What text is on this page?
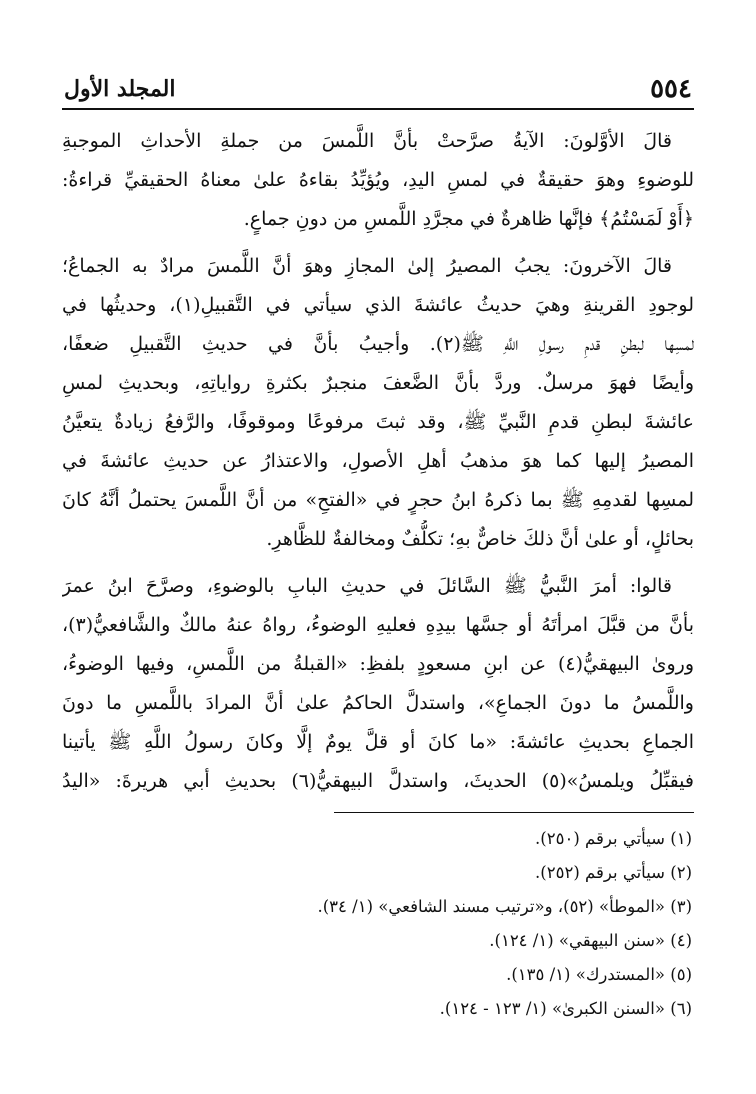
٥٥٤
المجلد الأول

قالَ الأوَّلونَ: الآيةُ صرَّحتْ بأنَّ اللَّمسَ من جملةِ الأحداثِ الموجبةِ
للوضوءِ وهوَ حقيقةٌ في لمسِ اليدِ، ويُؤيِّدُ بقاءهُ علىٰ معناهُ الحقيقيِّ قراءةُ:
﴿أَوْ لَمَسْتُمُ﴾ فإنَّها ظاهرةٌ في مجرَّدِ اللَّمسِ من دونِ جماعٍ.

قالَ الآخرونَ: يجبُ المصيرُ إلىٰ المجازِ وهوَ أنَّ اللَّمسَ مرادٌ به الجماعُ؛
لوجودِ القرينةِ وهيَ حديثُ عائشةَ الذي سيأتي في التَّقبيلِ(١)، وحديثُها في
لمسِها لبطنِ قدمِ رسولِ اللَّهِ ﷺ(٢). وأجيبُ بأنَّ في حديثِ التَّقبيلِ ضعفًا،
وأيضًا فهوَ مرسلٌ. وردَّ بأنَّ الضَّعفَ منجبرٌ بكثرةِ رواياتِهِ، وبحديثِ لمسِ
عائشةَ لبطنِ قدمِ النَّبيِّ ﷺ، وقد ثبتَ مرفوعًا وموقوفًا، والرَّفعُ زيادةٌ يتعيَّنُ
المصيرُ إليها كما هوَ مذهبُ أهلِ الأصولِ، والاعتذارُ عن حديثِ عائشةَ في
لمسِها لقدمِهِ ﷺ بما ذكرهُ ابنُ حجرٍ في «الفتحِ» من أنَّ اللَّمسَ يحتملُ أنَّهُ كانَ
بحائلٍ، أو علىٰ أنَّ ذلكَ خاصٌّ بهِ؛ تكلُّفٌ ومخالفةٌ للظَّاهرِ.

قالوا: أمرَ النَّبيُّ ﷺ السَّائلَ في حديثِ البابِ بالوضوءِ، وصرَّحَ ابنُ عمرَ
بأنَّ من قبَّلَ امرأتَهُ أو جسَّها بيدِهِ فعليهِ الوضوءُ، رواهُ عنهُ مالكٌ والشَّافعيُّ(٣)،
وروىٰ البيهقيُّ(٤) عن ابنِ مسعودٍ بلفظِ: «القبلةُ من اللَّمسِ، وفيها الوضوءُ،
واللَّمسُ ما دونَ الجماعِ»، واستدلَّ الحاكمُ علىٰ أنَّ المرادَ باللَّمسِ ما دونَ
الجماعِ بحديثِ عائشةَ: «ما كانَ أو قلَّ يومٌ إلَّا وكانَ رسولُ اللَّهِ ﷺ يأتينا
فيقبِّلُ ويلمسُ»(٥) الحديثَ، واستدلَّ البيهقيُّ(٦) بحديثِ أبي هريرةَ: «اليدُ

(١) سيأتي برقم (٢٥٠).
(٢) سيأتي برقم (٢٥٢).
(٣) «الموطأ» (٥٢)، و«ترتيب مسند الشافعي» (١/ ٣٤).
(٤) «سنن البيهقي» (١/ ١٢٤).
(٥) «المستدرك» (١/ ١٣٥).
(٦) «السنن الكبرىٰ» (١/ ١٢٣ - ١٢٤).
